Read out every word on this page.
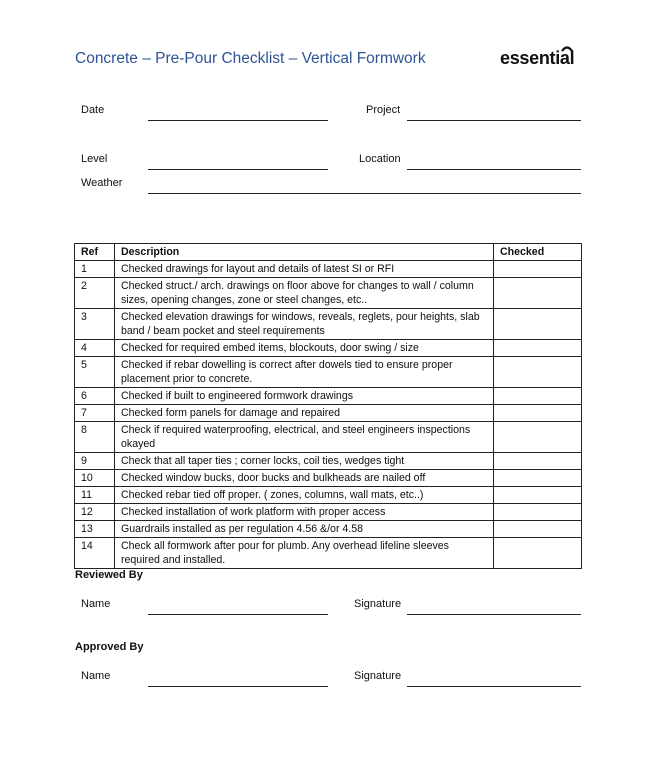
Concrete – Pre-Pour Checklist – Vertical Formwork	essential
Date	Project
Level	Location
Weather
Ref	Description	Checked
1	Checked drawings for layout and details of latest SI or RFI	
2	Checked struct./ arch. drawings on floor above for changes to wall / column sizes, opening changes, zone or steel changes, etc..	
3	Checked elevation drawings for windows, reveals, reglets, pour heights, slab band / beam pocket and steel requirements	
4	Checked for required embed items, blockouts, door swing / size	
5	Checked if rebar dowelling is correct after dowels tied to ensure proper placement prior to concrete.	
6	Checked if built to engineered formwork drawings	
7	Checked form panels for damage and repaired	
8	Check if required waterproofing, electrical, and steel engineers inspections okayed	
9	Check that all taper ties ; corner locks, coil ties, wedges tight	
10	Checked window bucks, door bucks and bulkheads are nailed off	
11	Checked rebar tied off proper. ( zones, columns, wall mats, etc..)	
12	Checked installation of work platform with proper access	
13	Guardrails installed as per regulation 4.56 &/or 4.58	
14	Check all formwork after pour for plumb. Any overhead lifeline sleeves required and installed.	
Reviewed By
Name	Signature
Approved By
Name	Signature
